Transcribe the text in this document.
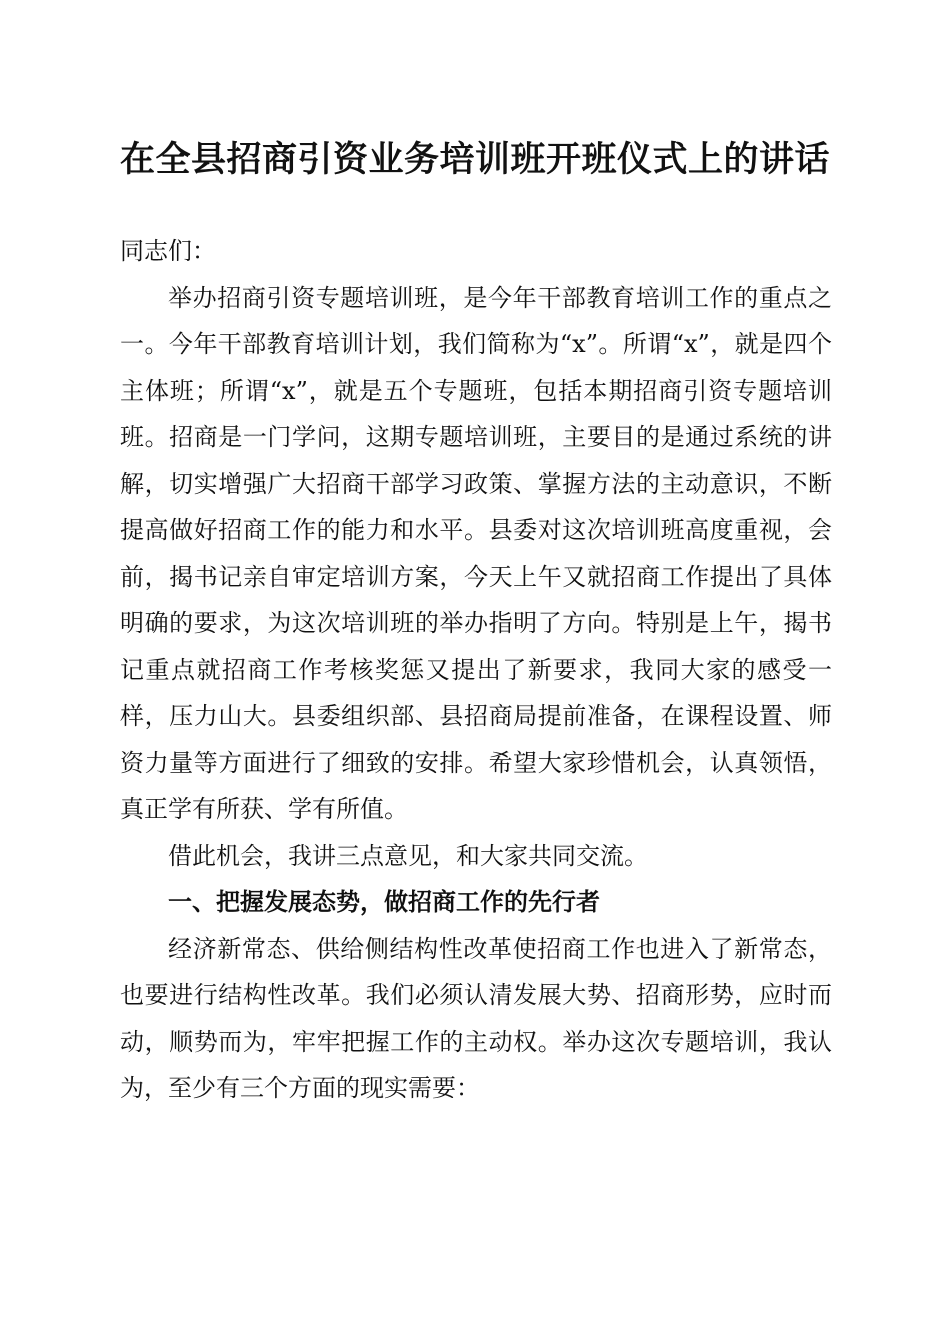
在全县招商引资业务培训班开班仪式上的讲话

同志们：

举办招商引资专题培训班，是今年干部教育培训工作的重点之一。今年干部教育培训计划，我们简称为“x”。所谓“x”，就是四个主体班；所谓“x”，就是五个专题班，包括本期招商引资专题培训班。招商是一门学问，这期专题培训班，主要目的是通过系统的讲解，切实增强广大招商干部学习政策、掌握方法的主动意识，不断提高做好招商工作的能力和水平。县委对这次培训班高度重视，会前，揭书记亲自审定培训方案，今天上午又就招商工作提出了具体明确的要求，为这次培训班的举办指明了方向。特别是上午，揭书记重点就招商工作考核奖惩又提出了新要求，我同大家的感受一样，压力山大。县委组织部、县招商局提前准备，在课程设置、师资力量等方面进行了细致的安排。希望大家珍惜机会，认真领悟，真正学有所获、学有所值。

借此机会，我讲三点意见，和大家共同交流。

一、把握发展态势，做招商工作的先行者

经济新常态、供给侧结构性改革使招商工作也进入了新常态，也要进行结构性改革。我们必须认清发展大势、招商形势，应时而动，顺势而为，牢牢把握工作的主动权。举办这次专题培训，我认为，至少有三个方面的现实需要：
